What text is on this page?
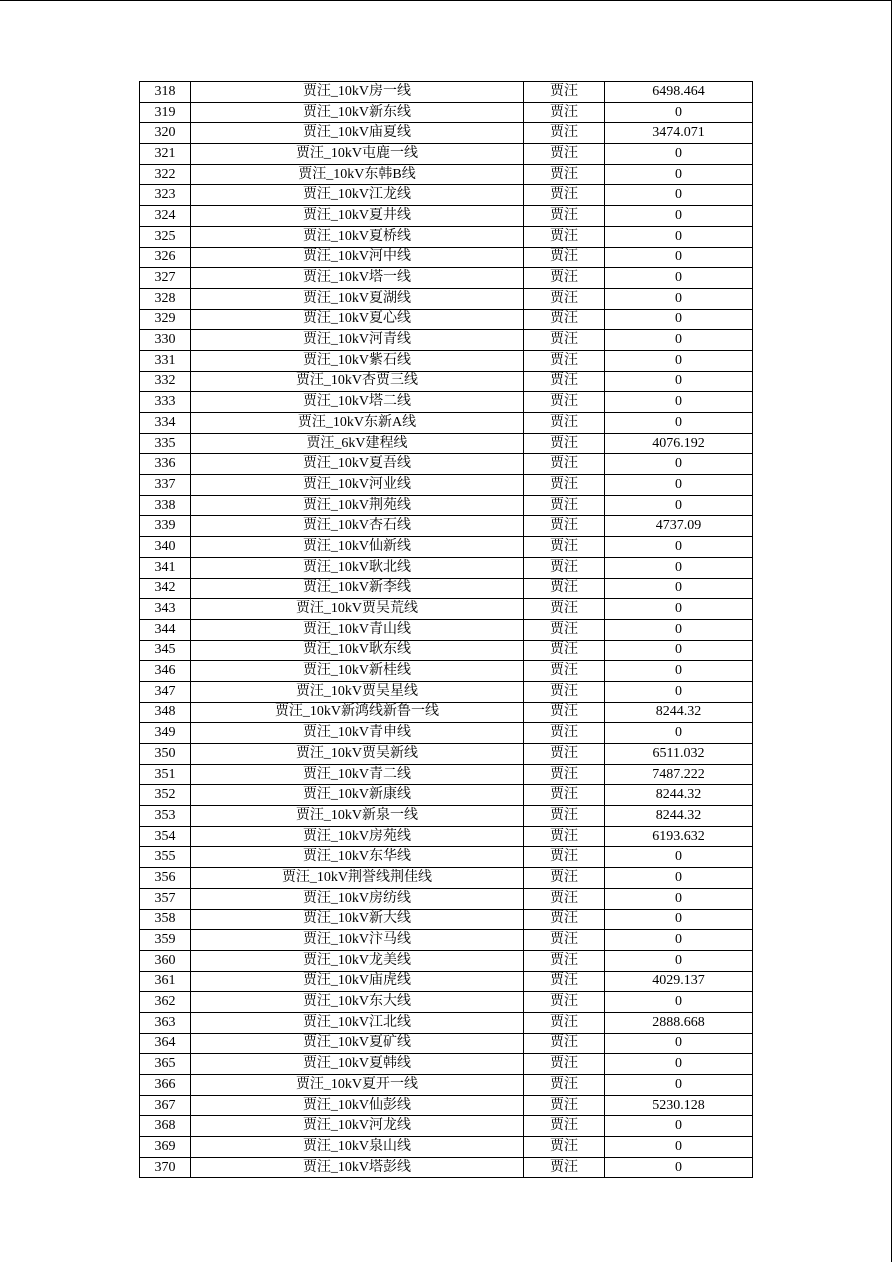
318	贾汪_10kV房一线	贾汪	6498.464
319	贾汪_10kV新东线	贾汪	0
320	贾汪_10kV庙夏线	贾汪	3474.071
321	贾汪_10kV屯鹿一线	贾汪	0
322	贾汪_10kV东韩B线	贾汪	0
323	贾汪_10kV江龙线	贾汪	0
324	贾汪_10kV夏井线	贾汪	0
325	贾汪_10kV夏桥线	贾汪	0
326	贾汪_10kV河中线	贾汪	0
327	贾汪_10kV塔一线	贾汪	0
328	贾汪_10kV夏湖线	贾汪	0
329	贾汪_10kV夏心线	贾汪	0
330	贾汪_10kV河青线	贾汪	0
331	贾汪_10kV紫石线	贾汪	0
332	贾汪_10kV杏贾三线	贾汪	0
333	贾汪_10kV塔二线	贾汪	0
334	贾汪_10kV东新A线	贾汪	0
335	贾汪_6kV建程线	贾汪	4076.192
336	贾汪_10kV夏吾线	贾汪	0
337	贾汪_10kV河业线	贾汪	0
338	贾汪_10kV荆苑线	贾汪	0
339	贾汪_10kV杏石线	贾汪	4737.09
340	贾汪_10kV仙新线	贾汪	0
341	贾汪_10kV耿北线	贾汪	0
342	贾汪_10kV新李线	贾汪	0
343	贾汪_10kV贾吴荒线	贾汪	0
344	贾汪_10kV青山线	贾汪	0
345	贾汪_10kV耿东线	贾汪	0
346	贾汪_10kV新桂线	贾汪	0
347	贾汪_10kV贾吴星线	贾汪	0
348	贾汪_10kV新鸿线新鲁一线	贾汪	8244.32
349	贾汪_10kV青申线	贾汪	0
350	贾汪_10kV贾吴新线	贾汪	6511.032
351	贾汪_10kV青二线	贾汪	7487.222
352	贾汪_10kV新康线	贾汪	8244.32
353	贾汪_10kV新泉一线	贾汪	8244.32
354	贾汪_10kV房苑线	贾汪	6193.632
355	贾汪_10kV东华线	贾汪	0
356	贾汪_10kV荆誉线荆佳线	贾汪	0
357	贾汪_10kV房纺线	贾汪	0
358	贾汪_10kV新大线	贾汪	0
359	贾汪_10kV汴马线	贾汪	0
360	贾汪_10kV龙美线	贾汪	0
361	贾汪_10kV庙虎线	贾汪	4029.137
362	贾汪_10kV东大线	贾汪	0
363	贾汪_10kV江北线	贾汪	2888.668
364	贾汪_10kV夏矿线	贾汪	0
365	贾汪_10kV夏韩线	贾汪	0
366	贾汪_10kV夏开一线	贾汪	0
367	贾汪_10kV仙彭线	贾汪	5230.128
368	贾汪_10kV河龙线	贾汪	0
369	贾汪_10kV泉山线	贾汪	0
370	贾汪_10kV塔彭线	贾汪	0
